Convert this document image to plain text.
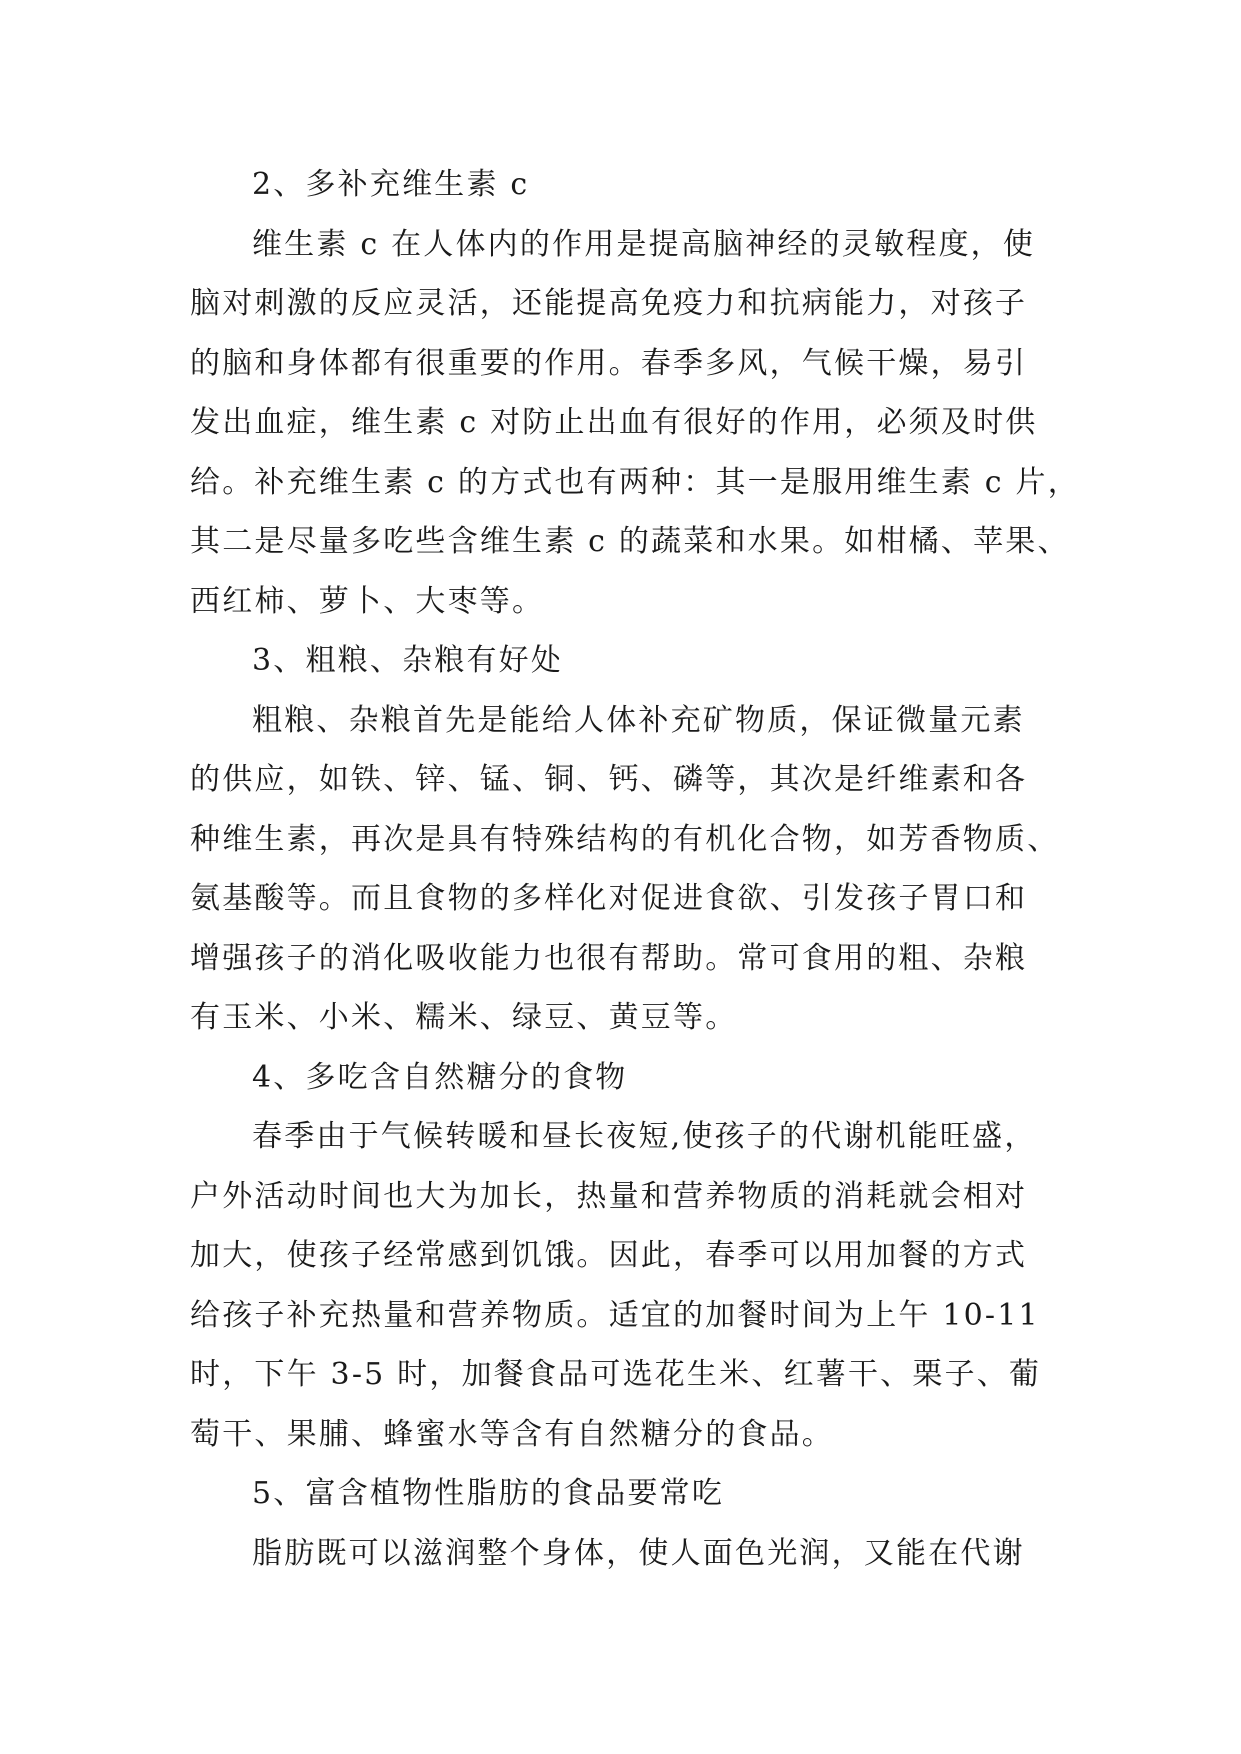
2、多补充维生素 c
维生素 c 在人体内的作用是提高脑神经的灵敏程度，使
脑对刺激的反应灵活，还能提高免疫力和抗病能力，对孩子
的脑和身体都有很重要的作用。春季多风，气候干燥，易引
发出血症，维生素 c 对防止出血有很好的作用，必须及时供
给。补充维生素 c 的方式也有两种：其一是服用维生素 c 片，
其二是尽量多吃些含维生素 c 的蔬菜和水果。如柑橘、苹果、
西红柿、萝卜、大枣等。
3、粗粮、杂粮有好处
粗粮、杂粮首先是能给人体补充矿物质，保证微量元素
的供应，如铁、锌、锰、铜、钙、磷等，其次是纤维素和各
种维生素，再次是具有特殊结构的有机化合物，如芳香物质、
氨基酸等。而且食物的多样化对促进食欲、引发孩子胃口和
增强孩子的消化吸收能力也很有帮助。常可食用的粗、杂粮
有玉米、小米、糯米、绿豆、黄豆等。
4、多吃含自然糖分的食物
春季由于气候转暖和昼长夜短,使孩子的代谢机能旺盛，
户外活动时间也大为加长，热量和营养物质的消耗就会相对
加大，使孩子经常感到饥饿。因此，春季可以用加餐的方式
给孩子补充热量和营养物质。适宜的加餐时间为上午 10-11
时，下午 3-5 时，加餐食品可选花生米、红薯干、栗子、葡
萄干、果脯、蜂蜜水等含有自然糖分的食品。
5、富含植物性脂肪的食品要常吃
脂肪既可以滋润整个身体，使人面色光润，又能在代谢
